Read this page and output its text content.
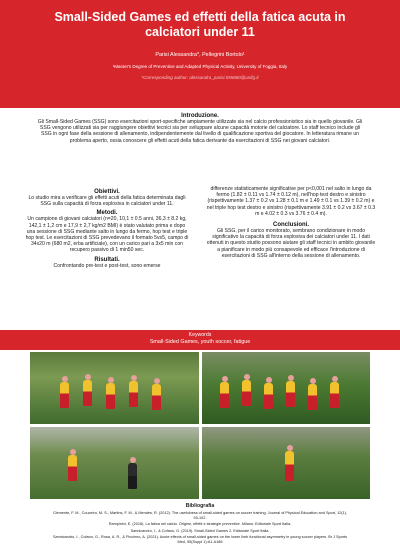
Small-Sided Games ed effetti della fatica acuta in calciatori under 11
Parisi Alessandra*, Pellegrini Bortolo¹
¹Master's Degree of Preventive and Adapted Physical Activity, University of Foggia, Italy
*Corresponding author: alessandra_parisi.555860@unifg.it
Introduzione.

Gli Small-Sided Games (SSG) sono esercitazioni sport-specifiche ampiamente utilizzate sia nel calcio professionistico sia in quello giovanile. Gli SSG vengono utilizzati sia per raggiungere obiettivi tecnici sia per sviluppare alcune capacità motorie del calciatore. Lo staff tecnico include gli SSG in ogni fase della sessione di allenamento, indipendentemente dal livello di qualificazione sportiva del giocatore. In letteratura rimane un problema aperto, ossia conoscere gli effetti acuti della fatica derivante da esercitazioni di SSG nei giovani calciatori.

Obiettivi.

Lo studio mira a verificare gli effetti acuti della fatica determinata dagli SSG sulla capacità di forza esplosiva in calciatori under 11.

Metodi.

Un campione di giovani calciatori (n=20, 10,1 ± 0.5 anni, 36,3 ± 8.2 kg, 142,1 ± 1,2 cm e 17,9 ± 2,7 kg/m2 BMI) è stato valutato prima e dopo una sessione di SSG mediante salto in lungo da fermo, hop test e triple hop test. Le esercitazioni di SSG prevedevano il formato 5vs5, campo di 34x20 m (680 m2, erba artificiale), con un carico pari a 3x5 min con recupero passivo di 1 min50 sec.

Risultati.

Confrontando pre-test e post-test, sono emerse

differenze statisticamente significative per p<0,001 nel salto in lungo da fermo (1.82 ± 0.11 vs 1.74 ± 0.12 m), nell'hop test destro e sinistro (rispettivamente 1.37 ± 0.2 vs 1.28 ± 0.1 m e 1.49 ± 0.1 vs 1.39 ± 0.2 m) e nel triple hop test destro e sinistro (rispettivamente 3.91 ± 0.2 vs 3.67 ± 0.3 m e 4.02 ± 0.3 vs 3.76 ± 0.4 m).

Conclusioni.

Gli SSG, per il carico monitorato, sembrano condizionare in modo significativo la capacità di forza esplosiva dei calciatori under 11. I dati ottenuti in questo studio possono aiutare gli staff tecnici in ambito giovanile a pianificare in modo più consapevole ed efficace l'introduzione di esercitazioni di SSG all'interno della sessione di allenamento.

Keywords
Small-Sided Games, youth soccer, fatigue
Bibliografia

Clemente, F. M., Couceiro, M. S., Martins, F. M., & Mendes, R. (2012). The usefulness of small-sided games on soccer training. Journal of Physical Education and Sport, 12(1), 93-102.

Rampinini, E. (2018). La fatica nel calcio. Origine, effetti e strategie preventive. Milano: Editoriale Sport Italia.

Sannicandro, I., & Cofano, G. (2019). Small-Sided Games 2. Editoriale Sport Italia.

Sannicandro, I., Cofano, G., Rosa, A. R., & Piccinno, A. (2021). Acute effects of small-sided games on the lower limb functional asymmetry in young soccer players. Br J Sports Med, 55(Suppl 1):A1-A186
